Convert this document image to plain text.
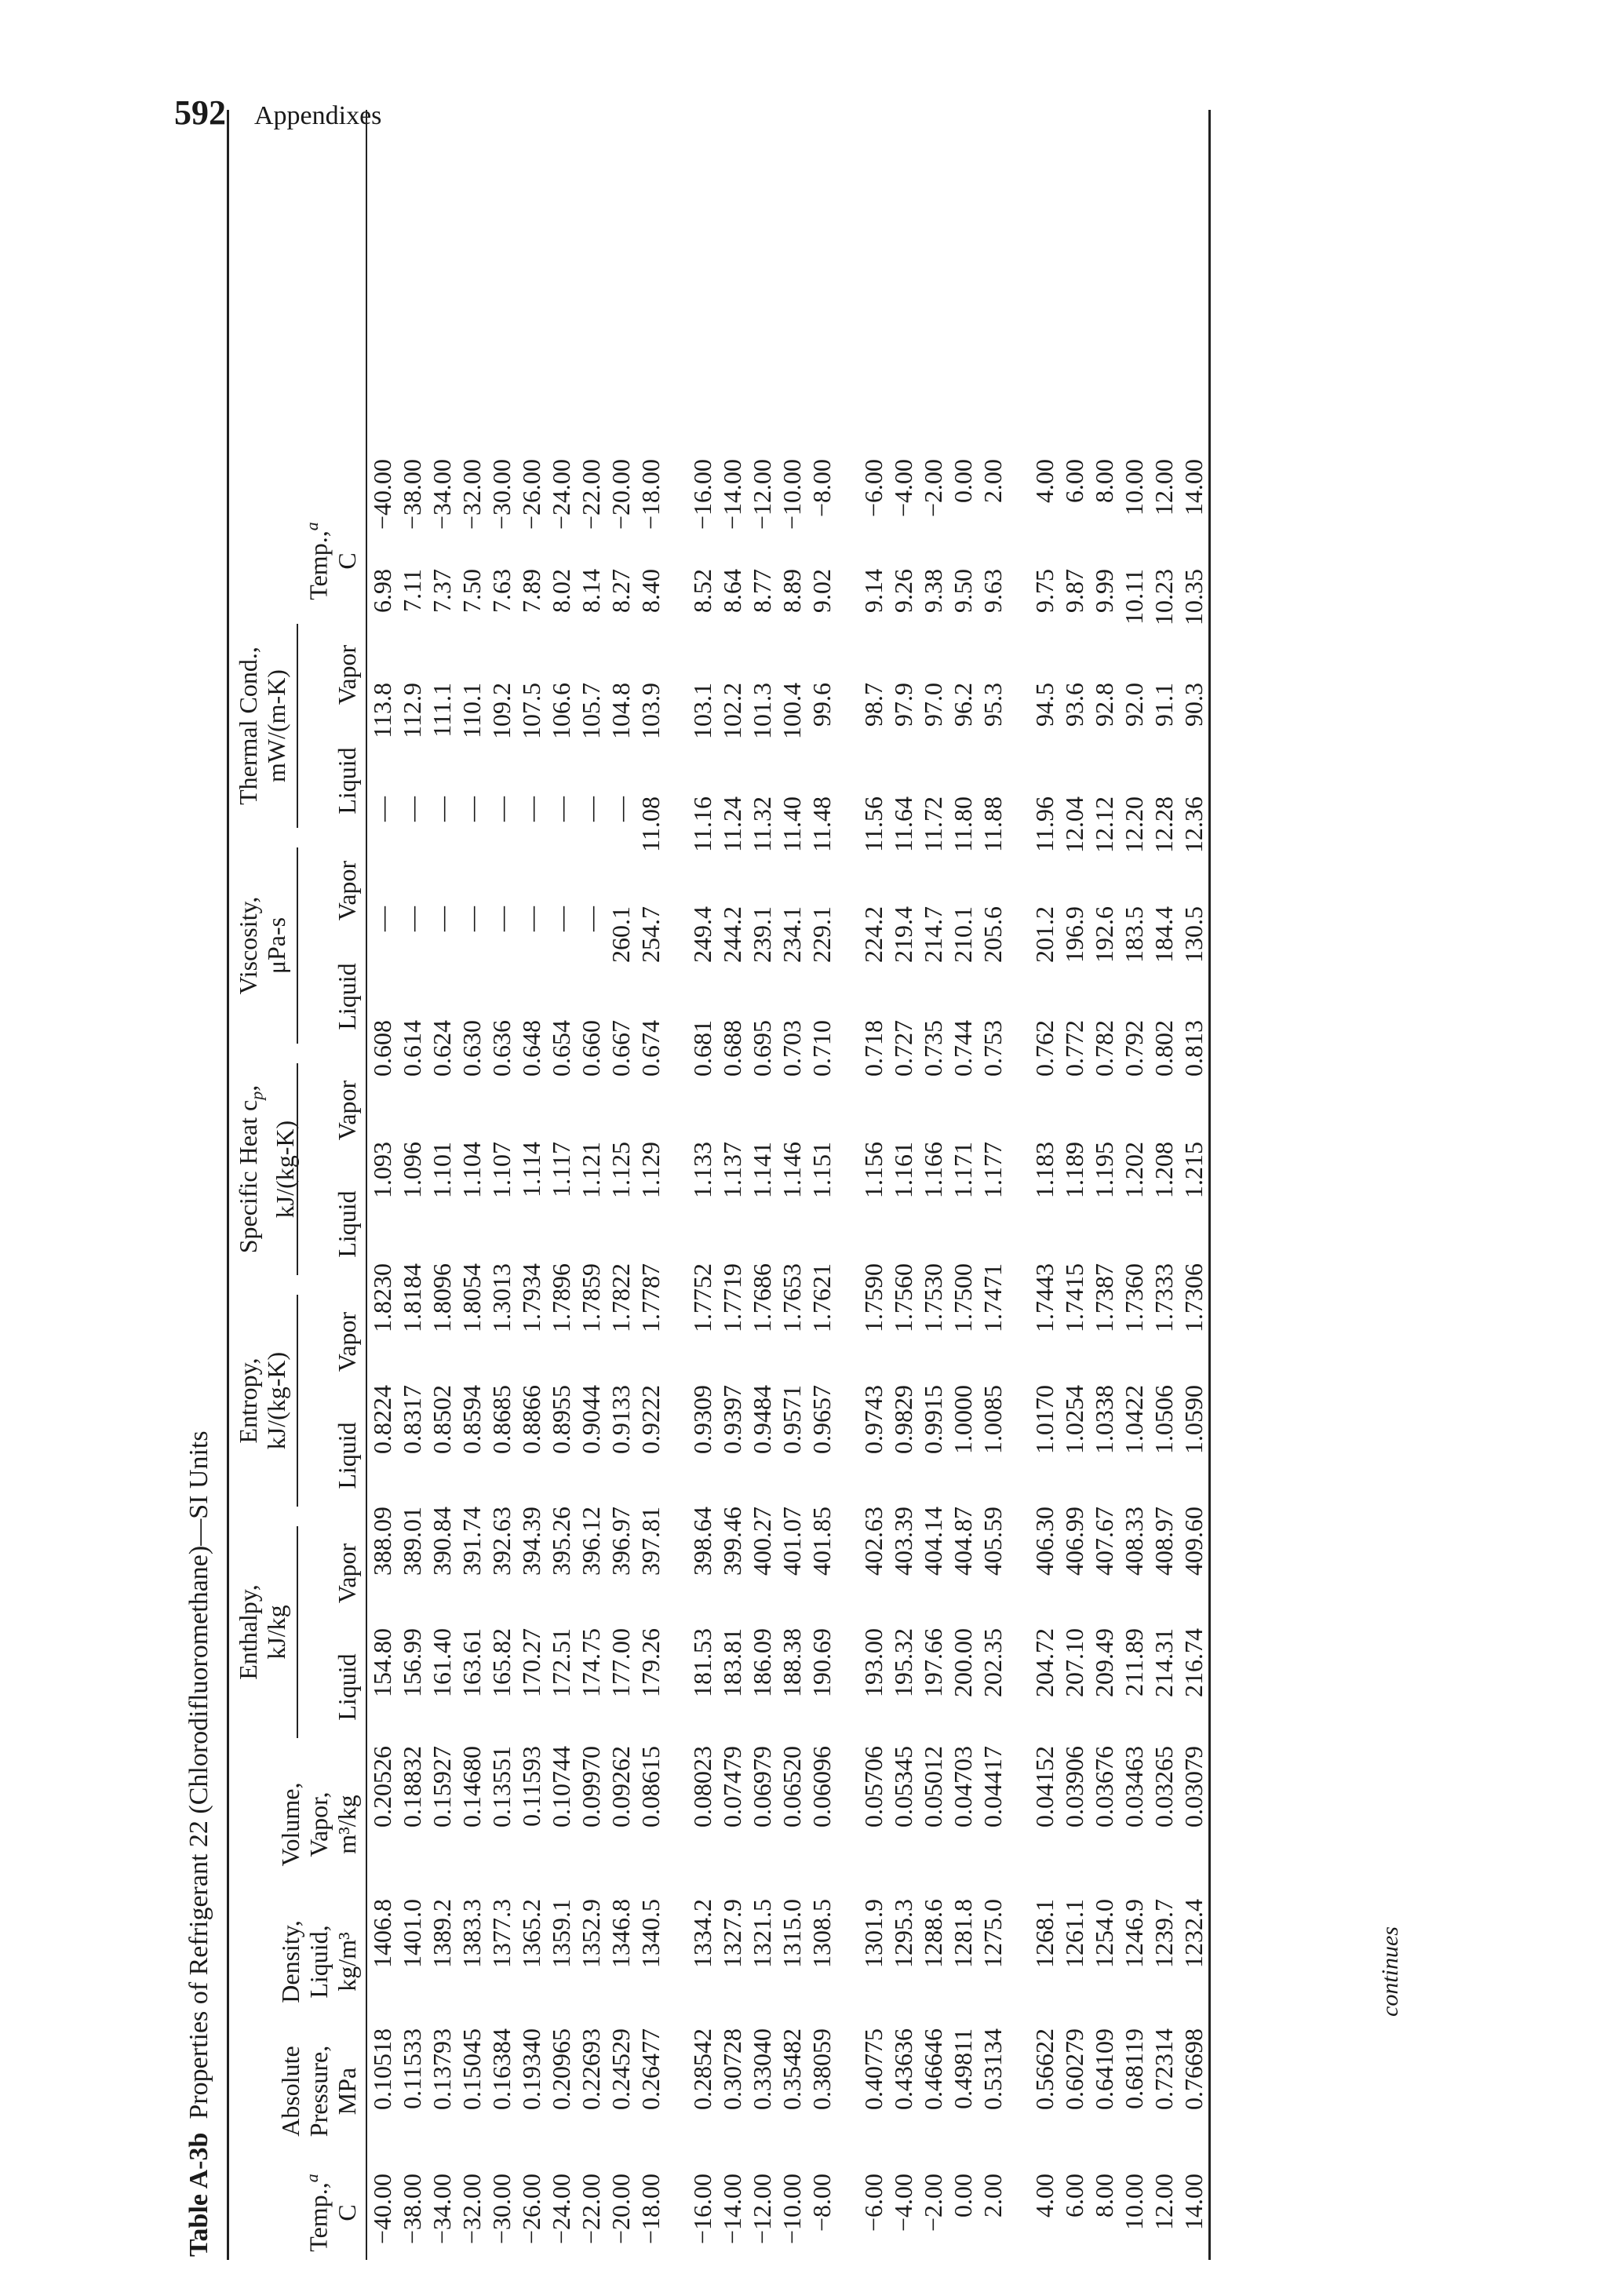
592 Appendixes
Table A-3b  Properties of Refrigerant 22 (Chlorodifluoromethane)—SI Units
Temp.,$^a$
C
Absolute Pressure, MPa
Density, Liquid, kg/m³
Volume, Vapor, m³/kg
Enthalpy, kJ/kg
Liquid
Vapor
Entropy, kJ/(kg-K)
Liquid
Vapor
Specific Heat $c_p$,
kJ/(kg-K)
Liquid
Vapor
Viscosity, μPa-s
Liquid
Vapor
Thermal Cond., mW/(m-K) Liquid
Vapor
Temp.,$^a$
C
−40.00
0.10518
1406.8
0.20526
154.80
388.09
0.8224
1.8230
1.093
0.608
—
—
113.8
6.98
−40.00
−38.00
0.11533
1401.0
0.18832
156.99
389.01
0.8317
1.8184
1.096
0.614
—
—
112.9
7.11
−38.00
−34.00
0.13793
1389.2
0.15927
161.40
390.84
0.8502
1.8096
1.101
0.624
—
—
111.1
7.37
−34.00
−32.00
0.15045
1383.3
0.14680
163.61
391.74
0.8594
1.8054
1.104
0.630
—
—
110.1
7.50
−32.00
−30.00
0.16384
1377.3
0.13551
165.82
392.63
0.8685
1.3013
1.107
0.636
—
—
109.2
7.63
−30.00
−26.00
0.19340
1365.2
0.11593
170.27
394.39
0.8866
1.7934
1.114
0.648
—
—
107.5
7.89
−26.00
−24.00
0.20965
1359.1
0.10744
172.51
395.26
0.8955
1.7896
1.117
0.654
—
—
106.6
8.02
−24.00
−22.00
0.22693
1352.9
0.09970
174.75
396.12
0.9044
1.7859
1.121
0.660
—
—
105.7
8.14
−22.00
−20.00
0.24529
1346.8
0.09262
177.00
396.97
0.9133
1.7822
1.125
0.667
260.1
—
104.8
8.27
−20.00
−18.00
0.26477
1340.5
0.08615
179.26
397.81
0.9222
1.7787
1.129
0.674
254.7
11.08
103.9
8.40
−18.00
−16.00
0.28542
1334.2
0.08023
181.53
398.64
0.9309
1.7752
1.133
0.681
249.4
11.16
103.1
8.52
−16.00
−14.00
0.30728
1327.9
0.07479
183.81
399.46
0.9397
1.7719
1.137
0.688
244.2
11.24
102.2
8.64
−14.00
−12.00
0.33040
1321.5
0.06979
186.09
400.27
0.9484
1.7686
1.141
0.695
239.1
11.32
101.3
8.77
−12.00
−10.00
0.35482
1315.0
0.06520
188.38
401.07
0.9571
1.7653
1.146
0.703
234.1
11.40
100.4
8.89
−10.00
−8.00
0.38059
1308.5
0.06096
190.69
401.85
0.9657
1.7621
1.151
0.710
229.1
11.48
99.6
9.02
−8.00
−6.00
0.40775
1301.9
0.05706
193.00
402.63
0.9743
1.7590
1.156
0.718
224.2
11.56
98.7
9.14
−6.00
−4.00
0.43636
1295.3
0.05345
195.32
403.39
0.9829
1.7560
1.161
0.727
219.4
11.64
97.9
9.26
−4.00
−2.00
0.46646
1288.6
0.05012
197.66
404.14
0.9915
1.7530
1.166
0.735
214.7
11.72
97.0
9.38
−2.00
0.00
0.49811
1281.8
0.04703
200.00
404.87
1.0000
1.7500
1.171
0.744
210.1
11.80
96.2
9.50
0.00
2.00
0.53134
1275.0
0.04417
202.35
405.59
1.0085
1.7471
1.177
0.753
205.6
11.88
95.3
9.63
2.00
4.00
0.56622
1268.1
0.04152
204.72
406.30
1.0170
1.7443
1.183
0.762
201.2
11.96
94.5
9.75
4.00
6.00
0.60279
1261.1
0.03906
207.10
406.99
1.0254
1.7415
1.189
0.772
196.9
12.04
93.6
9.87
6.00
8.00
0.64109
1254.0
0.03676
209.49
407.67
1.0338
1.7387
1.195
0.782
192.6
12.12
92.8
9.99
8.00
10.00
0.68119
1246.9
0.03463
211.89
408.33
1.0422
1.7360
1.202
0.792
183.5
12.20
92.0
10.11
10.00
12.00
0.72314
1239.7
0.03265
214.31
408.97
1.0506
1.7333
1.208
0.802
184.4
12.28
91.1
10.23
12.00
14.00
0.76698
1232.4
0.03079
216.74
409.60
1.0590
1.7306
1.215
0.813
130.5
12.36
90.3
10.35
14.00
continues
